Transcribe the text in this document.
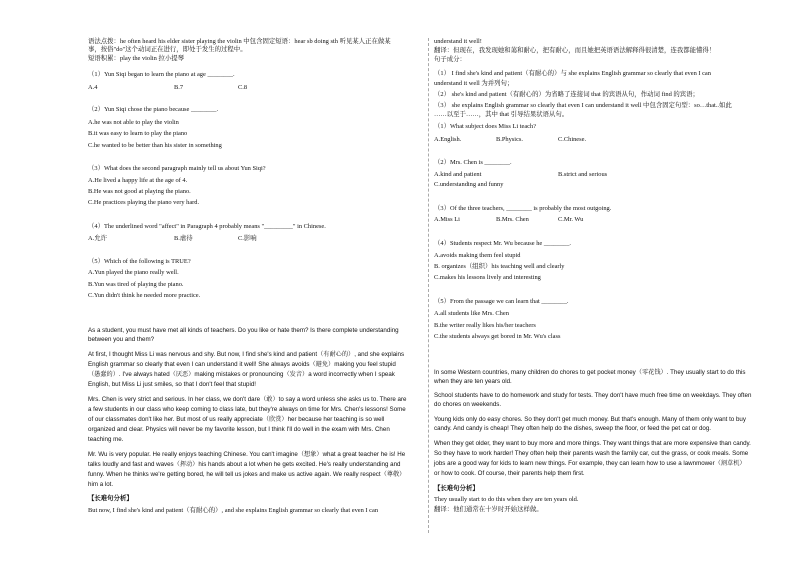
语法点拨：he often heard his elder sister playing the violin 中包含固定短语：hear sb doing sth 听见某人正在做某
事，按俗"do"这个动词正在进行，即处于发生的过程中。
短语积累：play the violin 拉小提琴
（1）Yun Siqi began to learn the piano at age ________.
A.4	B.7	C.8
（2）Yun Siqi chose the piano because ________.
A.he was not able to play the violin
B.it was easy to learn to play the piano
C.he wanted to be better than his sister in something
（3）What does the second paragraph mainly tell us about Yun Siqi?
A.He lived a happy life at the age of 4.
B.He was not good at playing the piano.
C.He practices playing the piano very hard.
（4）The underlined word "affect" in Paragraph 4 probably means "_________" in Chinese.
A.允许	B.虐待	C.影响
（5）Which of the following is TRUE?
A.Yun played the piano really well.
B.Yun was tired of playing the piano.
C.Yun didn't think he needed more practice.
As a student, you must have met all kinds of teachers. Do you like or hate them? Is there complete understanding
between you and them?
At first, I thought Miss Li was nervous and shy. But now, I find she's kind and patient（有耐心的）, and she explains
English grammar so clearly that even I can understand it well! She always avoids（避免）making you feel stupid
（愚蠢的）. I've always hated（厌恶）making mistakes or pronouncing（发音）a word incorrectly when I speak
English, but Miss Li just smiles, so that I don't feel that stupid!
Mrs. Chen is very strict and serious. In her class, we don't dare（敢）to say a word unless she asks us to. There are
a few students in our class who keep coming to class late, but they're always on time for Mrs. Chen's lessons! Some
of our classmates don't like her. But most of us really appreciate（欣赏）her because her teaching is so well
organized and clear. Physics will never be my favorite lesson, but I think I'll do well in the exam with Mrs. Chen
teaching me.
Mr. Wu is very popular. He really enjoys teaching Chinese. You can't imagine（想象）what a great teacher he is! He
talks loudly and fast and waves（挥动）his hands about a lot when he gets excited. He's really understanding and
funny. When he thinks we're getting bored, he will tell us jokes and make us active again. We really respect（尊敬）
him a lot.
【长难句分析】
But now, I find she's kind and patient（有耐心的）, and she explains English grammar so clearly that even I can
understand it well!
翻译：但现在，我发现她和蔼和耐心，把有耐心，而且她把英语语法解释得很清楚，连我都能懂得！
句子成分：
（1） I find she's kind and patient（有耐心的）与 she explains English grammar so clearly that even I can
understand it well 为并列句；
（2） she's kind and patient（有耐心的）为省略了连接词 that 的宾语从句，作动词 find 的宾语；
（3） she explains English grammar so clearly that even I can understand it well 中包含固定句型：so…that..如此
……以至于……，其中 that 引导结果状语从句。
（1）What subject does Miss Li teach?
A.English.	B.Physics.	C.Chinese.
（2）Mrs. Chen is ________.
A.kind and patient	B.strict and serious
C.understanding and funny
（3）Of the three teachers, ________ is probably the most outgoing.
A.Miss Li	B.Mrs. Chen	C.Mr. Wu
（4）Students respect Mr. Wu because he ________.
A.avoids making them feel stupid
B. organizes（组织）his teaching well and clearly
C.makes his lessons lively and interesting
（5）From the passage we can learn that ________.
A.all students like Mrs. Chen
B.the writer really likes his/her teachers
C.the students always get bored in Mr. Wu's class
In some Western countries, many children do chores to get pocket money（零花钱）. They usually start to do this
when they are ten years old.
School students have to do homework and study for tests. They don't have much free time on weekdays. They often
do chores on weekends.
Young kids only do easy chores. So they don't get much money. But that's enough. Many of them only want to buy
candy. And candy is cheap! They often help do the dishes, sweep the floor, or feed the pet cat or dog.
When they get older, they want to buy more and more things. They want things that are more expensive than candy.
So they have to work harder! They often help their parents wash the family car, cut the grass, or cook meals. Some
jobs are a good way for kids to learn new things. For example, they can learn how to use a lawnmower（割草机）
or how to cook. Of course, their parents help them first.
【长难句分析】
They usually start to do this when they are ten years old.
翻译：他们通常在十岁时开始这样做。
